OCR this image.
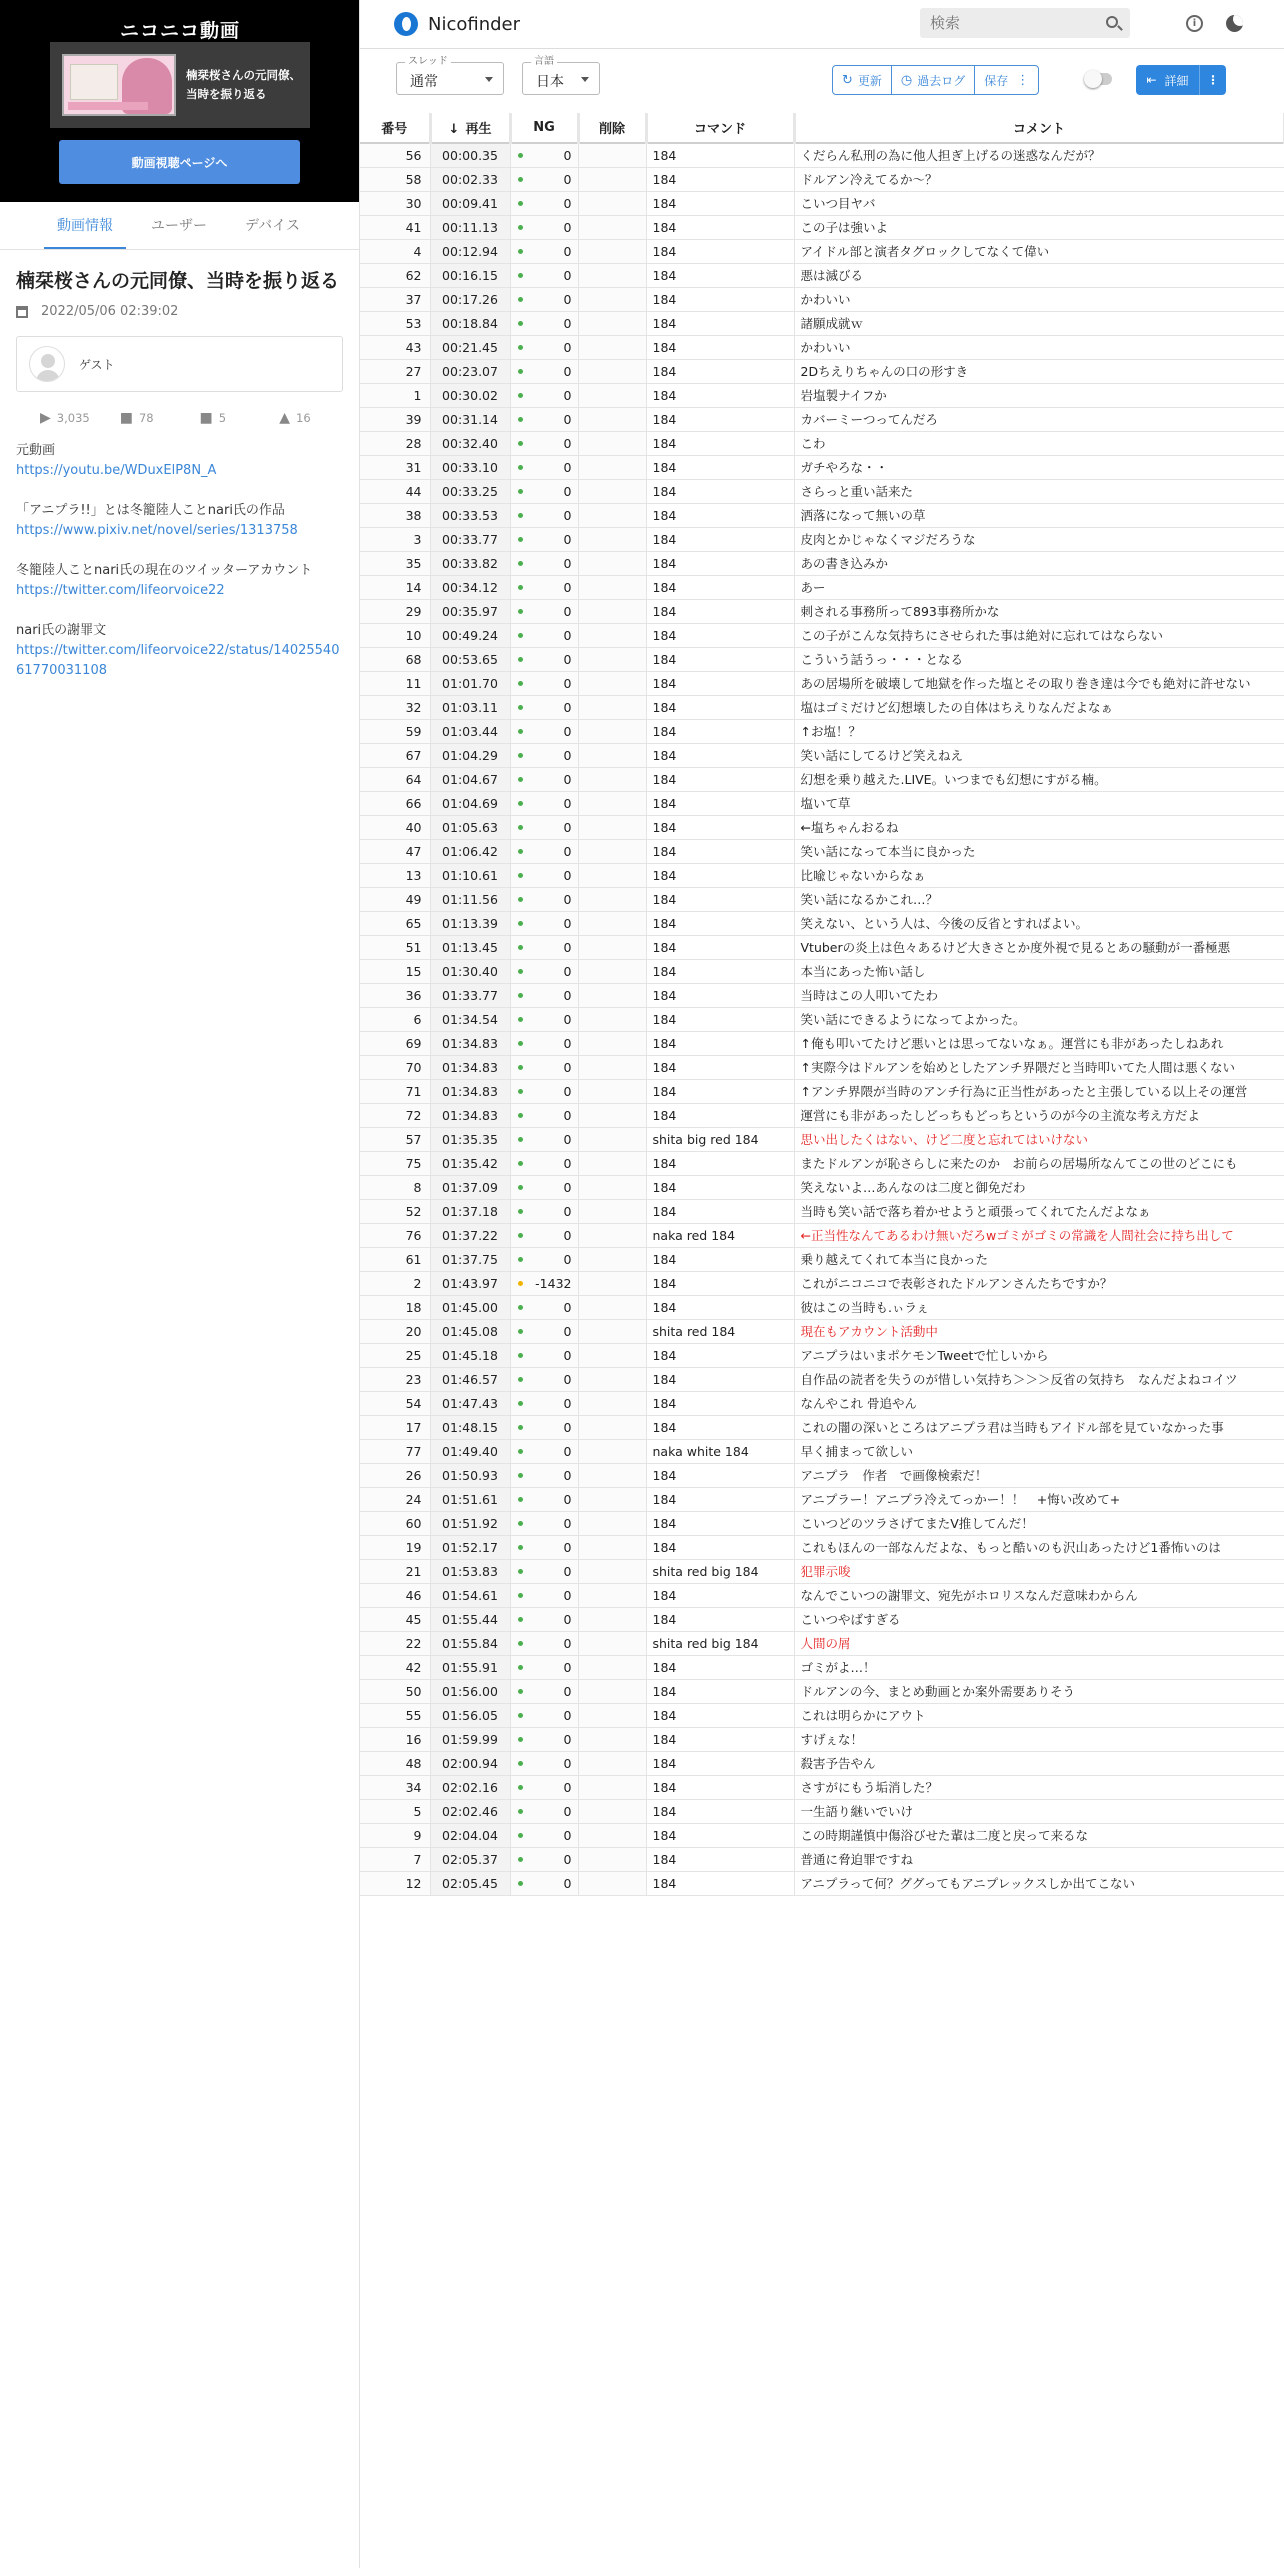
ニコニコ動画
楠栞桜さんの元同僚、当時を振り返る
動画視聴ページへ
動画情報	ユーザー	デバイス
楠栞桜さんの元同僚、当時を振り返る
2022/05/06 02:39:02
ゲスト
▶ 3,035 ■ 78	■ 5	▲ 16

元動画
https://youtu.be/WDuxElP8N_A

「アニプラ!!」とは冬籠陸人ことnari氏の作品
https://www.pixiv.net/novel/series/1313758

冬籠陸人ことnari氏の現在のツイッターアカウント
https://twitter.com/lifeorvoice22

nari氏の謝罪文
https://twitter.com/lifeorvoice22/status/1402554061770031108

Nicofinder
検索	i
スレッド
通常
言語
日本	↻ 更新 ◷ 過去ログ 保存 ⋮	⇤ 詳細	⋮
番号	↓ 再生	NG	削除	コマンド	コメント
56	00:00.35	0		184	くだらん私刑の為に他人担ぎ上げるの迷惑なんだが？
58	00:02.33	0		184	ドルアン冷えてるか〜？
30	00:09.41	0		184	こいつ目ヤバ
41	00:11.13	0		184	この子は強いよ
4	00:12.94	0		184	アイドル部と演者タグロックしてなくて偉い
62	00:16.15	0		184	悪は滅びる
37	00:17.26	0		184	かわいい
53	00:18.84	0		184	諸願成就ｗ
43	00:21.45	0		184	かわいい
27	00:23.07	0		184	2Dちえりちゃんの口の形すき
1	00:30.02	0		184	岩塩製ナイフか
39	00:31.14	0		184	カバーミーつってんだろ
28	00:32.40	0		184	こわ
31	00:33.10	0		184	ガチやろな・・
44	00:33.25	0		184	さらっと重い話来た
38	00:33.53	0		184	洒落になって無いの草
3	00:33.77	0		184	皮肉とかじゃなくマジだろうな
35	00:33.82	0		184	あの書き込みか
14	00:34.12	0		184	あー
29	00:35.97	0		184	刺される事務所って893事務所かな
10	00:49.24	0		184	この子がこんな気持ちにさせられた事は絶対に忘れてはならない
68	00:53.65	0		184	こういう話うっ・・・となる
11	01:01.70	0		184	あの居場所を破壊して地獄を作った塩とその取り巻き達は今でも絶対に許せない
32	01:03.11	0		184	塩はゴミだけど幻想壊したの自体はちえりなんだよなぁ
59	01:03.44	0		184	↑お塩！？
67	01:04.29	0		184	笑い話にしてるけど笑えねえ
64	01:04.67	0		184	幻想を乗り越えた.LIVE。いつまでも幻想にすがる楠。
66	01:04.69	0		184	塩いて草
40	01:05.63	0		184	←塩ちゃんおるね
47	01:06.42	0		184	笑い話になって本当に良かった
13	01:10.61	0		184	比喩じゃないからなぁ
49	01:11.56	0		184	笑い話になるかこれ…？
65	01:13.39	0		184	笑えない、という人は、今後の反省とすればよい。
51	01:13.45	0		184	Vtuberの炎上は色々あるけど大きさとか度外視で見るとあの騒動が一番極悪
15	01:30.40	0		184	本当にあった怖い話し
36	01:33.77	0		184	当時はこの人叩いてたわ
6	01:34.54	0		184	笑い話にできるようになってよかった。
69	01:34.83	0		184	↑俺も叩いてたけど悪いとは思ってないなぁ。運営にも非があったしねあれ
70	01:34.83	0		184	↑実際今はドルアンを始めとしたアンチ界隈だと当時叩いてた人間は悪くない
71	01:34.83	0		184	↑アンチ界隈が当時のアンチ行為に正当性があったと主張している以上その運営
72	01:34.83	0		184	運営にも非があったしどっちもどっちというのが今の主流な考え方だよ
57	01:35.35	0		shita big red 184	思い出したくはない、けど二度と忘れてはいけない
75	01:35.42	0		184	またドルアンが恥さらしに来たのか　お前らの居場所なんてこの世のどこにも
8	01:37.09	0		184	笑えないよ…あんなのは二度と御免だわ
52	01:37.18	0		184	当時も笑い話で落ち着かせようと頑張ってくれてたんだよなぁ
76	01:37.22	0		naka red 184	←正当性なんてあるわけ無いだろwゴミがゴミの常識を人間社会に持ち出して
61	01:37.75	0		184	乗り越えてくれて本当に良かった
2	01:43.97	-1432		184	これがニコニコで表彰されたドルアンさんたちですか？
18	01:45.00	0		184	彼はこの当時も.ぃラぇ
20	01:45.08	0		shita red 184	現在もアカウント活動中
25	01:45.18	0		184	アニプラはいまポケモンTweetで忙しいから
23	01:46.57	0		184	自作品の読者を失うのが惜しい気持ち＞＞＞反省の気持ち　なんだよねコイツ
54	01:47.43	0		184	なんやこれ 骨追やん
17	01:48.15	0		184	これの闇の深いところはアニプラ君は当時もアイドル部を見ていなかった事
77	01:49.40	0		naka white 184	早く捕まって欲しい
26	01:50.93	0		184	アニプラ　作者　で画像検索だ！
24	01:51.61	0		184	アニプラー！アニプラ冷えてっかー！！　+悔い改めて+
60	01:51.92	0		184	こいつどのツラさげてまたV推してんだ！
19	01:52.17	0		184	これもほんの一部なんだよな、もっと酷いのも沢山あったけど1番怖いのは
21	01:53.83	0		shita red big 184	犯罪示唆
46	01:54.61	0		184	なんでこいつの謝罪文、宛先がホロリスなんだ意味わからん
45	01:55.44	0		184	こいつやばすぎる
22	01:55.84	0		shita red big 184	人間の屑
42	01:55.91	0		184	ゴミがよ…！
50	01:56.00	0		184	ドルアンの今、まとめ動画とか案外需要ありそう
55	01:56.05	0		184	これは明らかにアウト
16	01:59.99	0		184	すげぇな！
48	02:00.94	0		184	殺害予告やん
34	02:02.16	0		184	さすがにもう垢消した？
5	02:02.46	0		184	一生語り継いでいけ
9	02:04.04	0		184	この時期謹慎中傷浴びせた輩は二度と戻って来るな
7	02:05.37	0		184	普通に脅迫罪ですね
12	02:05.45	0		184	アニプラって何？ググってもアニプレックスしか出てこない
